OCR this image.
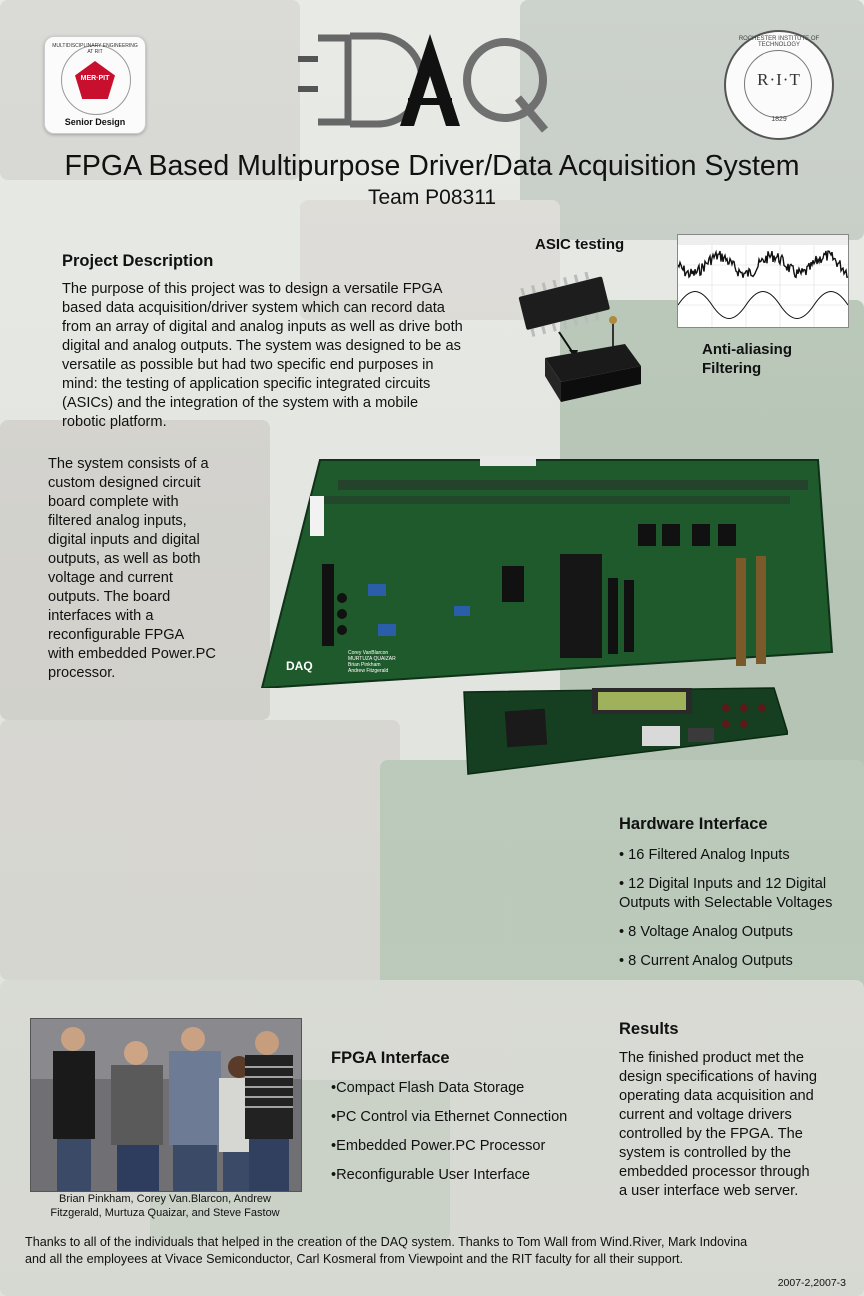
MULTIDISCIPLINARY ENGINEERING AT RIT
MER·PIT
Senior Design
ROCHESTER INSTITUTE OF TECHNOLOGY
R·I·T
1829
FPGA Based Multipurpose Driver/Data Acquisition System
Team P08311
Project Description
The purpose of this project was to design a versatile FPGA
based data acquisition/driver system which can record data
from an array of digital and analog inputs as well as drive both
digital and analog outputs. The system was designed to be as
versatile as possible but had two specific end purposes in
mind: the testing of application specific integrated circuits
(ASICs) and the integration of the system with a mobile
robotic platform.
ASIC testing
Anti-aliasing
Filtering
The system consists of a
custom designed circuit
board complete with
filtered analog inputs,
digital inputs and digital
outputs, as well as both
voltage and current
outputs. The board
interfaces with a
reconfigurable FPGA
with embedded Power.PC
processor.	DAQ
Corey VanBlarcon MURTUZA QUAIZAR Brian Pinkham Andrew Fitzgerald
Hardware Interface
• 16 Filtered Analog Inputs
• 12 Digital Inputs and 12 Digital Outputs with Selectable Voltages
• 8 Voltage Analog Outputs
• 8 Current Analog Outputs
Brian Pinkham, Corey Van.Blarcon, Andrew
Fitzgerald, Murtuza Quaizar, and Steve Fastow
FPGA Interface
•Compact Flash Data Storage
•PC Control via Ethernet Connection
•Embedded Power.PC Processor
•Reconfigurable User Interface
Results
The finished product met the
design specifications of having
operating data acquisition and
current and voltage drivers
controlled by the FPGA. The
system is controlled by the
embedded processor through
a user interface web server.
Thanks to all of the individuals that helped in the creation of the DAQ system. Thanks to Tom Wall from Wind.River, Mark Indovina
and all the employees at Vivace Semiconductor, Carl Kosmeral from Viewpoint and the RIT faculty for all their support.
2007-2,2007-3
